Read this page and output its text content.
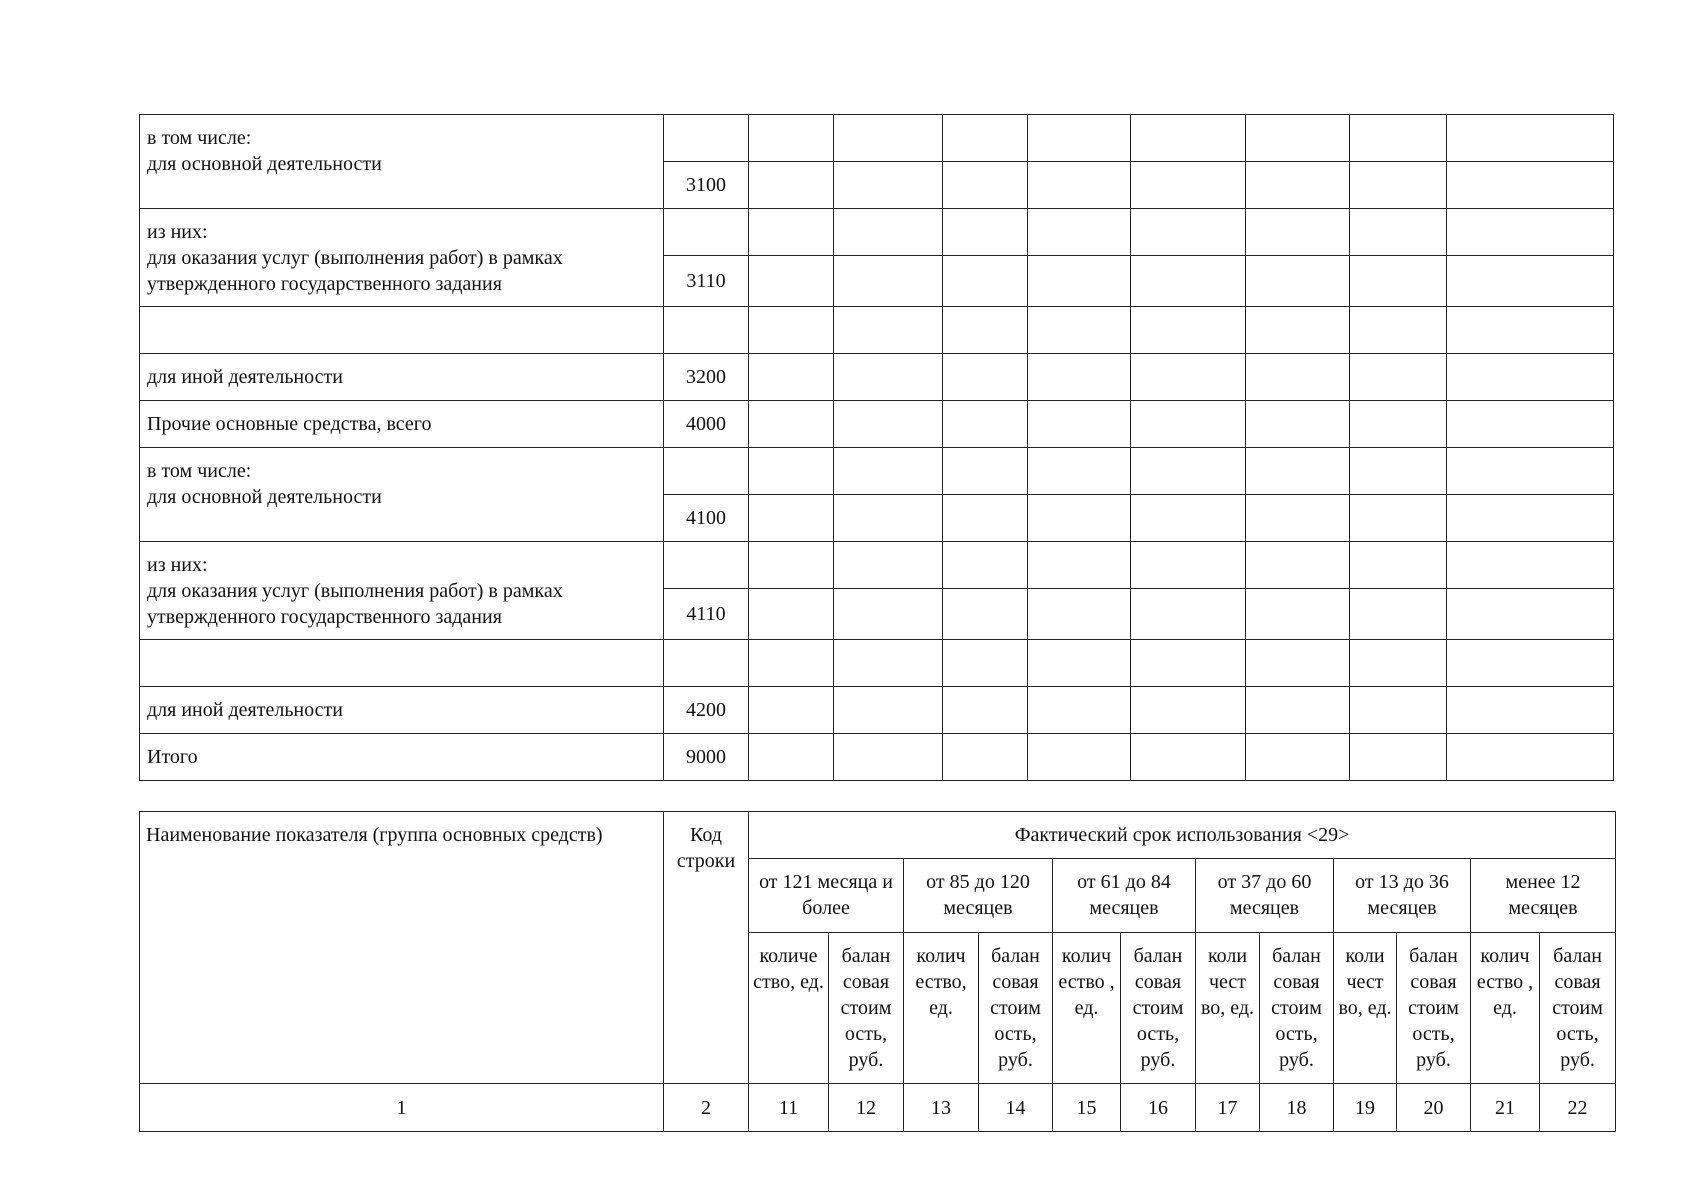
в том числе:
для основной деятельности									
	3100								
из них:
для оказания услуг (выполнения работ) в рамках утвержденного государственного задания									
	3110								

для иной деятельности	3200								
Прочие основные средства, всего	4000								
в том числе:
для основной деятельности									
	4100								
из них:
для оказания услуг (выполнения работ) в рамках утвержденного государственного задания									
	4110								

для иной деятельности	4200								
Итого	9000								
Наименование показателя (группа основных средств)	Код строки	Фактический срок использования <29>											
		от 121 месяца и более		от 85 до 120 месяцев		от 61 до 84 месяцев		от 37 до 60 месяцев		от 13 до 36 месяцев		менее 12 месяцев	
		количе ство, ед.	балан совая стоим ость, руб.	колич ество, ед.	балан совая стоим ость, руб.	колич ество , ед.	балан совая стоим ость, руб.	коли чест во, ед.	балан совая стоим ость, руб.	коли чест во, ед.	балан совая стоим ость, руб.	колич ество , ед.	балан совая стоим ость, руб.
1	2	11	12	13	14	15	16	17	18	19	20	21	22
